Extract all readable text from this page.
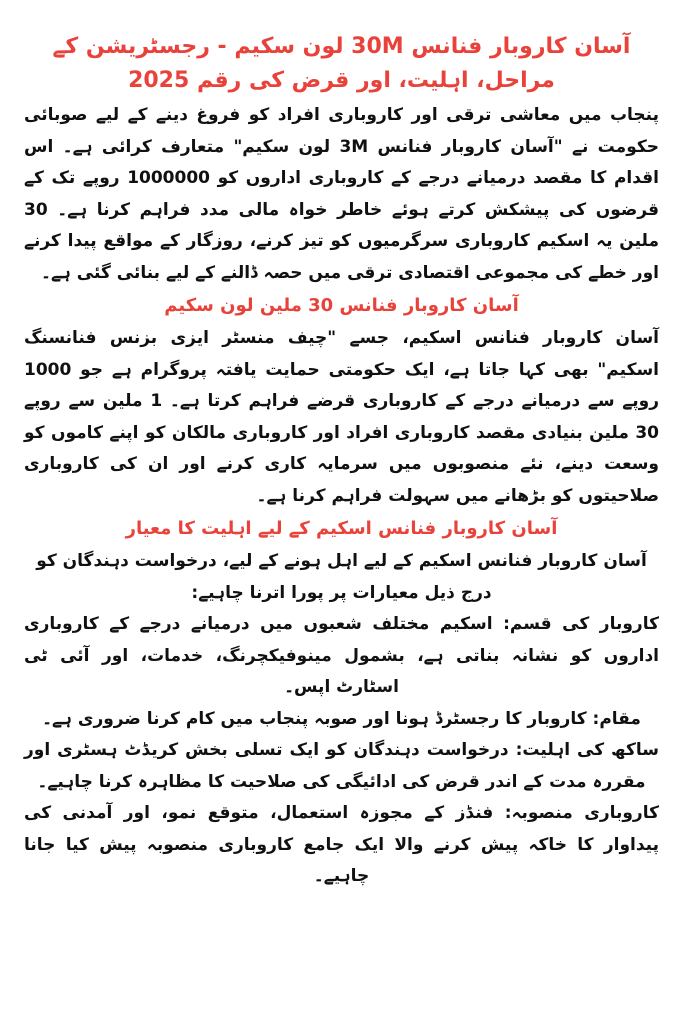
آسان کاروبار فنانس 30M لون سکیم - رجسٹریشن کے مراحل، اہلیت، اور قرض کی رقم 2025

پنجاب میں معاشی ترقی اور کاروباری افراد کو فروغ دینے کے لیے صوبائی حکومت نے "آسان کاروبار فنانس 3M لون سکیم" متعارف کرائی ہے۔ اس اقدام کا مقصد درمیانے درجے کے کاروباری اداروں کو 1000000 روپے تک کے قرضوں کی پیشکش کرتے ہوئے خاطر خواہ مالی مدد فراہم کرنا ہے۔ 30 ملین یہ اسکیم کاروباری سرگرمیوں کو تیز کرنے، روزگار کے مواقع پیدا کرنے اور خطے کی مجموعی اقتصادی ترقی میں حصہ ڈالنے کے لیے بنائی گئی ہے۔

آسان کاروبار فنانس 30 ملین لون سکیم

آسان کاروبار فنانس اسکیم، جسے "چیف منسٹر ایزی بزنس فنانسنگ اسکیم" بھی کہا جاتا ہے، ایک حکومتی حمایت یافتہ پروگرام ہے جو 1000 روپے سے درمیانے درجے کے کاروباری قرضے فراہم کرتا ہے۔ 1 ملین سے روپے 30 ملین بنیادی مقصد کاروباری افراد اور کاروباری مالکان کو اپنے کاموں کو وسعت دینے، نئے منصوبوں میں سرمایہ کاری کرنے اور ان کی کاروباری صلاحیتوں کو بڑھانے میں سہولت فراہم کرنا ہے۔

آسان کاروبار فنانس اسکیم کے لیے اہلیت کا معیار

آسان کاروبار فنانس اسکیم کے لیے اہل ہونے کے لیے، درخواست دہندگان کو درج ذیل معیارات پر پورا اترنا چاہیے:

کاروبار کی قسم: اسکیم مختلف شعبوں میں درمیانے درجے کے کاروباری اداروں کو نشانہ بناتی ہے، بشمول مینوفیکچرنگ، خدمات، اور آئی ٹی اسٹارٹ اپس۔

مقام: کاروبار کا رجسٹرڈ ہونا اور صوبہ پنجاب میں کام کرنا ضروری ہے۔

ساکھ کی اہلیت: درخواست دہندگان کو ایک تسلی بخش کریڈٹ ہسٹری اور مقررہ مدت کے اندر قرض کی ادائیگی کی صلاحیت کا مظاہرہ کرنا چاہیے۔

کاروباری منصوبہ: فنڈز کے مجوزہ استعمال، متوقع نمو، اور آمدنی کی پیداوار کا خاکہ پیش کرنے والا ایک جامع کاروباری منصوبہ پیش کیا جانا چاہیے۔
